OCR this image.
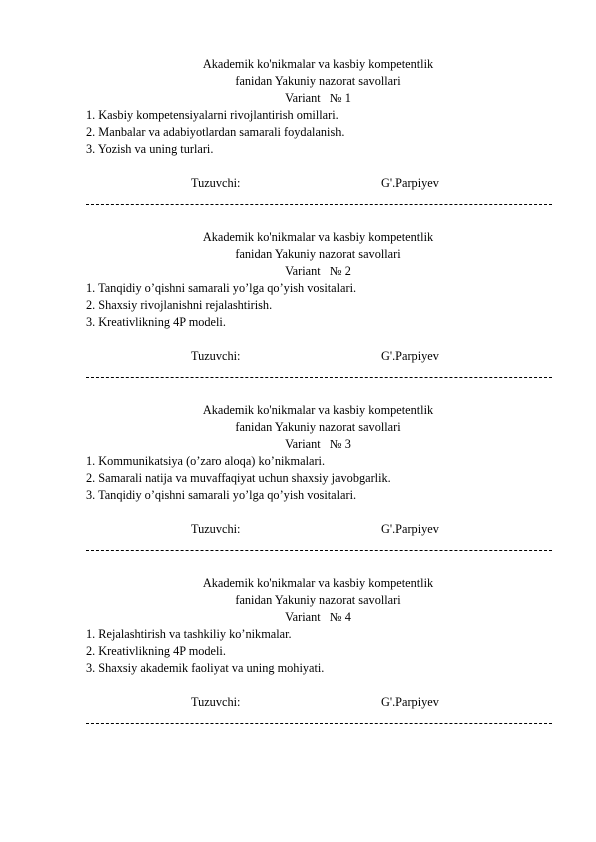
Akademik ko'nikmalar va kasbiy kompetentlik
fanidan Yakuniy nazorat savollari
Variant   № 1
1. Kasbiy kompetensiyalarni rivojlantirish omillari.
2. Manbalar va adabiyotlardan samarali foydalanish.
3. Yozish va uning turlari.
Tuzuvchi:	G'.Parpiyev
Akademik ko'nikmalar va kasbiy kompetentlik
fanidan Yakuniy nazorat savollari
Variant   № 2
1. Tanqidiy o’qishni samarali yo’lga qo’yish vositalari.
2. Shaxsiy rivojlanishni rejalashtirish.
3. Kreativlikning 4P modeli.
Tuzuvchi:	G'.Parpiyev
Akademik ko'nikmalar va kasbiy kompetentlik
fanidan Yakuniy nazorat savollari
Variant   № 3
1. Kommunikatsiya (o’zaro aloqa) ko’nikmalari.
2. Samarali natija va muvaffaqiyat uchun shaxsiy javobgarlik.
3. Tanqidiy o’qishni samarali yo’lga qo’yish vositalari.
Tuzuvchi:	G'.Parpiyev
Akademik ko'nikmalar va kasbiy kompetentlik
fanidan Yakuniy nazorat savollari
Variant   № 4
1. Rejalashtirish va tashkiliy ko’nikmalar.
2. Kreativlikning 4P modeli.
3. Shaxsiy akademik faoliyat va uning mohiyati.
Tuzuvchi:	G'.Parpiyev
